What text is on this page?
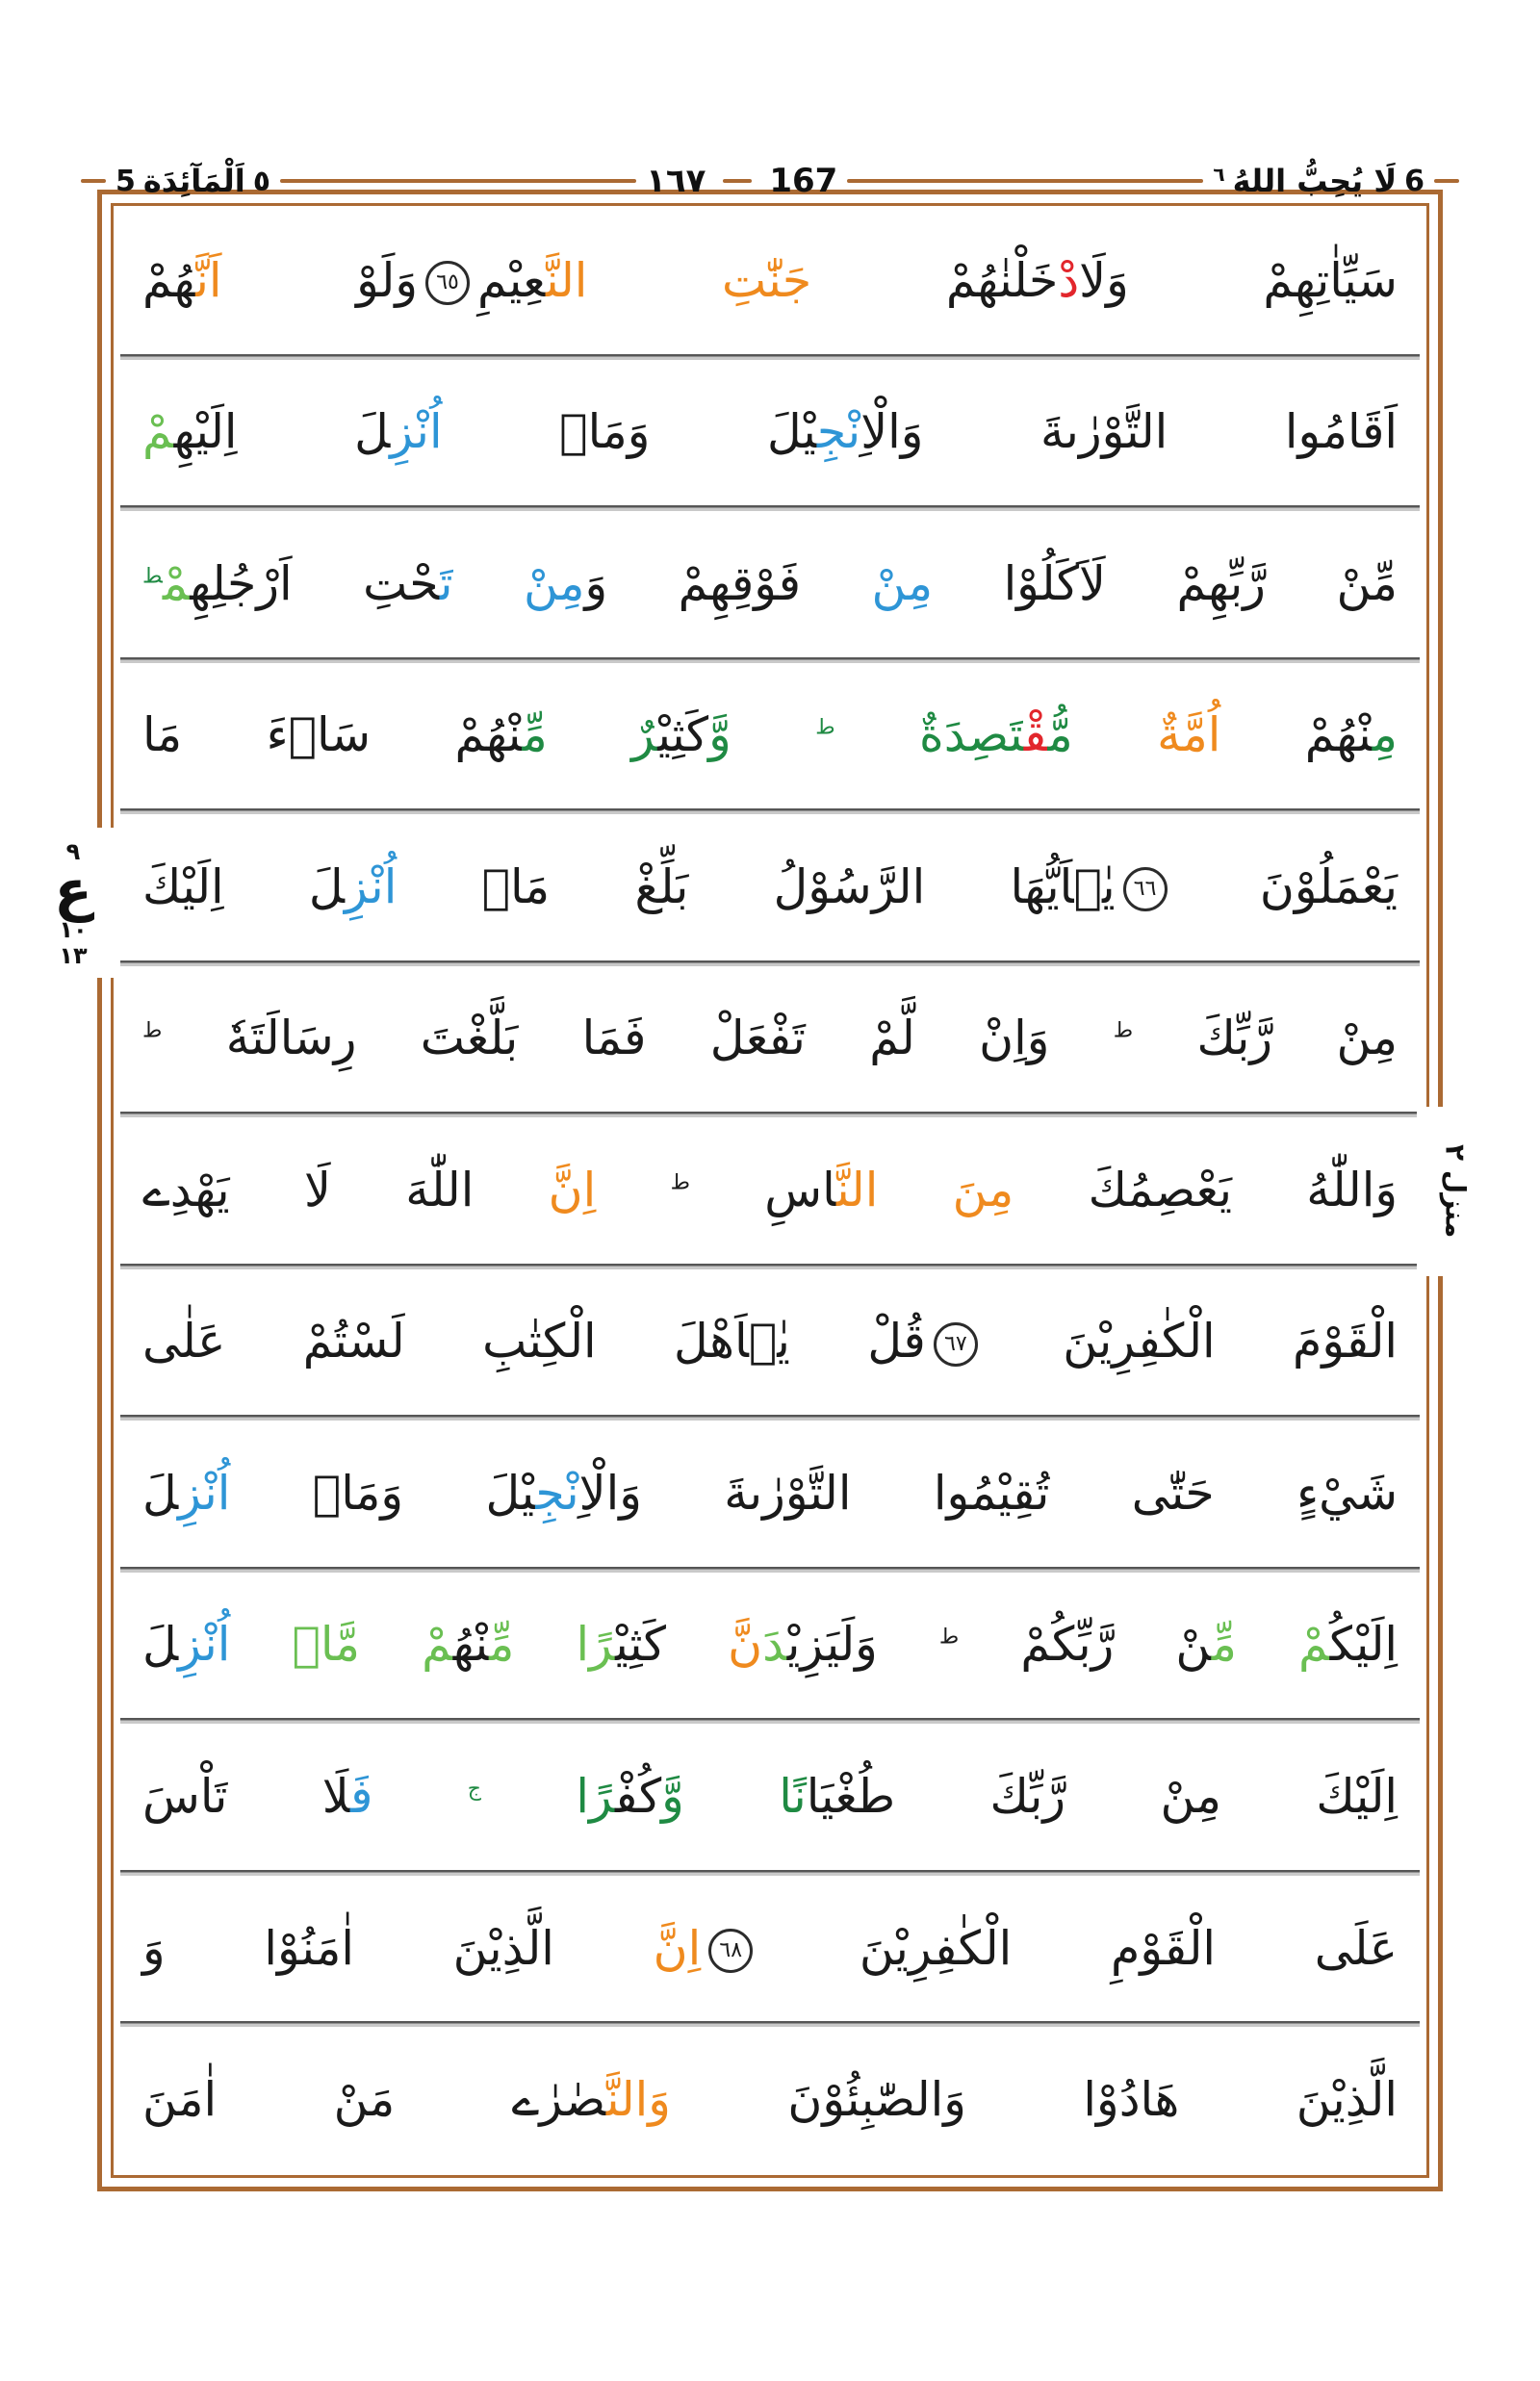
5 اَلْمَآئِدَة ٥	١٦٧ 167	٦ لَا يُحِبُّ اللهُ 6

سَيِّاٰتِهِمْ وَلَادْخَلْنٰهُمْ جَنّٰتِ النَّ‍‍عِيْمِ٦٥وَلَوْ اَنَّ‍‍هُمْ

اَقَامُوا التَّوْرٰىةَ وَالْاِنْجِ‍‍يْلَ وَمَاۤ اُنْزِ‍‍لَ اِلَيْهِ‍‍مْ

مِّنْ رَّبِّهِمْ لَاَكَلُوْا مِنْ فَوْقِهِمْ وَمِنْ تَ‍‍حْتِ اَرْجُلِهِ‍‍مْ$^ط$

مِ‍‍نْهُمْ اُمَّةٌ مُّ‍‍قْ‍‍تَصِدَةٌ $^ط$ وَّكَثِيْ‍‍رٌ مِّ‍‍نْهُمْ سَاۤءَ مَا

يَعْمَلُوْنَ ٦٦يٰۤاَيُّهَا الرَّسُوْلُ بَلِّغْ مَاۤ اُنْزِ‍‍لَ اِلَيْكَ

مِنْ رَّبِّكَ $^ط$ وَاِنْ لَّمْ تَفْعَلْ فَمَا بَلَّغْتَ رِسَالَتَهٗ $^ط$

وَاللّٰهُ يَعْصِمُكَ مِنَ النَّ‍‍اسِ $^ط$ اِنَّ اللّٰهَ لَا يَهْدِے

الْقَوْمَ الْكٰفِرِيْنَ ٦٧قُلْ يٰۤاَهْلَ الْكِتٰبِ لَسْتُمْ عَلٰى

شَيْءٍ حَتّٰى تُقِيْمُوا التَّوْرٰىةَ وَالْاِنْجِ‍‍يْلَ وَمَاۤ اُنْزِ‍‍لَ

اِلَيْكُ‍‍مْ مِّ‍‍نْ رَّبِّكُمْ $^ط$ وَلَيَزِيْ‍‍دَنَّ كَثِيْ‍‍رًا مِّ‍‍نْهُ‍‍مْ مَّاۤ اُنْزِ‍‍لَ

اِلَيْكَ مِنْ رَّبِّكَ طُغْيَانًا وَّكُفْ‍‍رًا $^ج$ فَ‍‍لَا تَاْسَ

عَلَى الْقَوْمِ الْكٰفِرِيْنَ ٦٨اِنَّ الَّذِيْنَ اٰمَنُوْا وَ

الَّذِيْنَ هَادُوْا وَالصّٰبِئُوْنَ وَالنَّ‍‍صٰرٰے مَنْ اٰمَنَ

٩
ع
١٠
١٣
منزل ٢
